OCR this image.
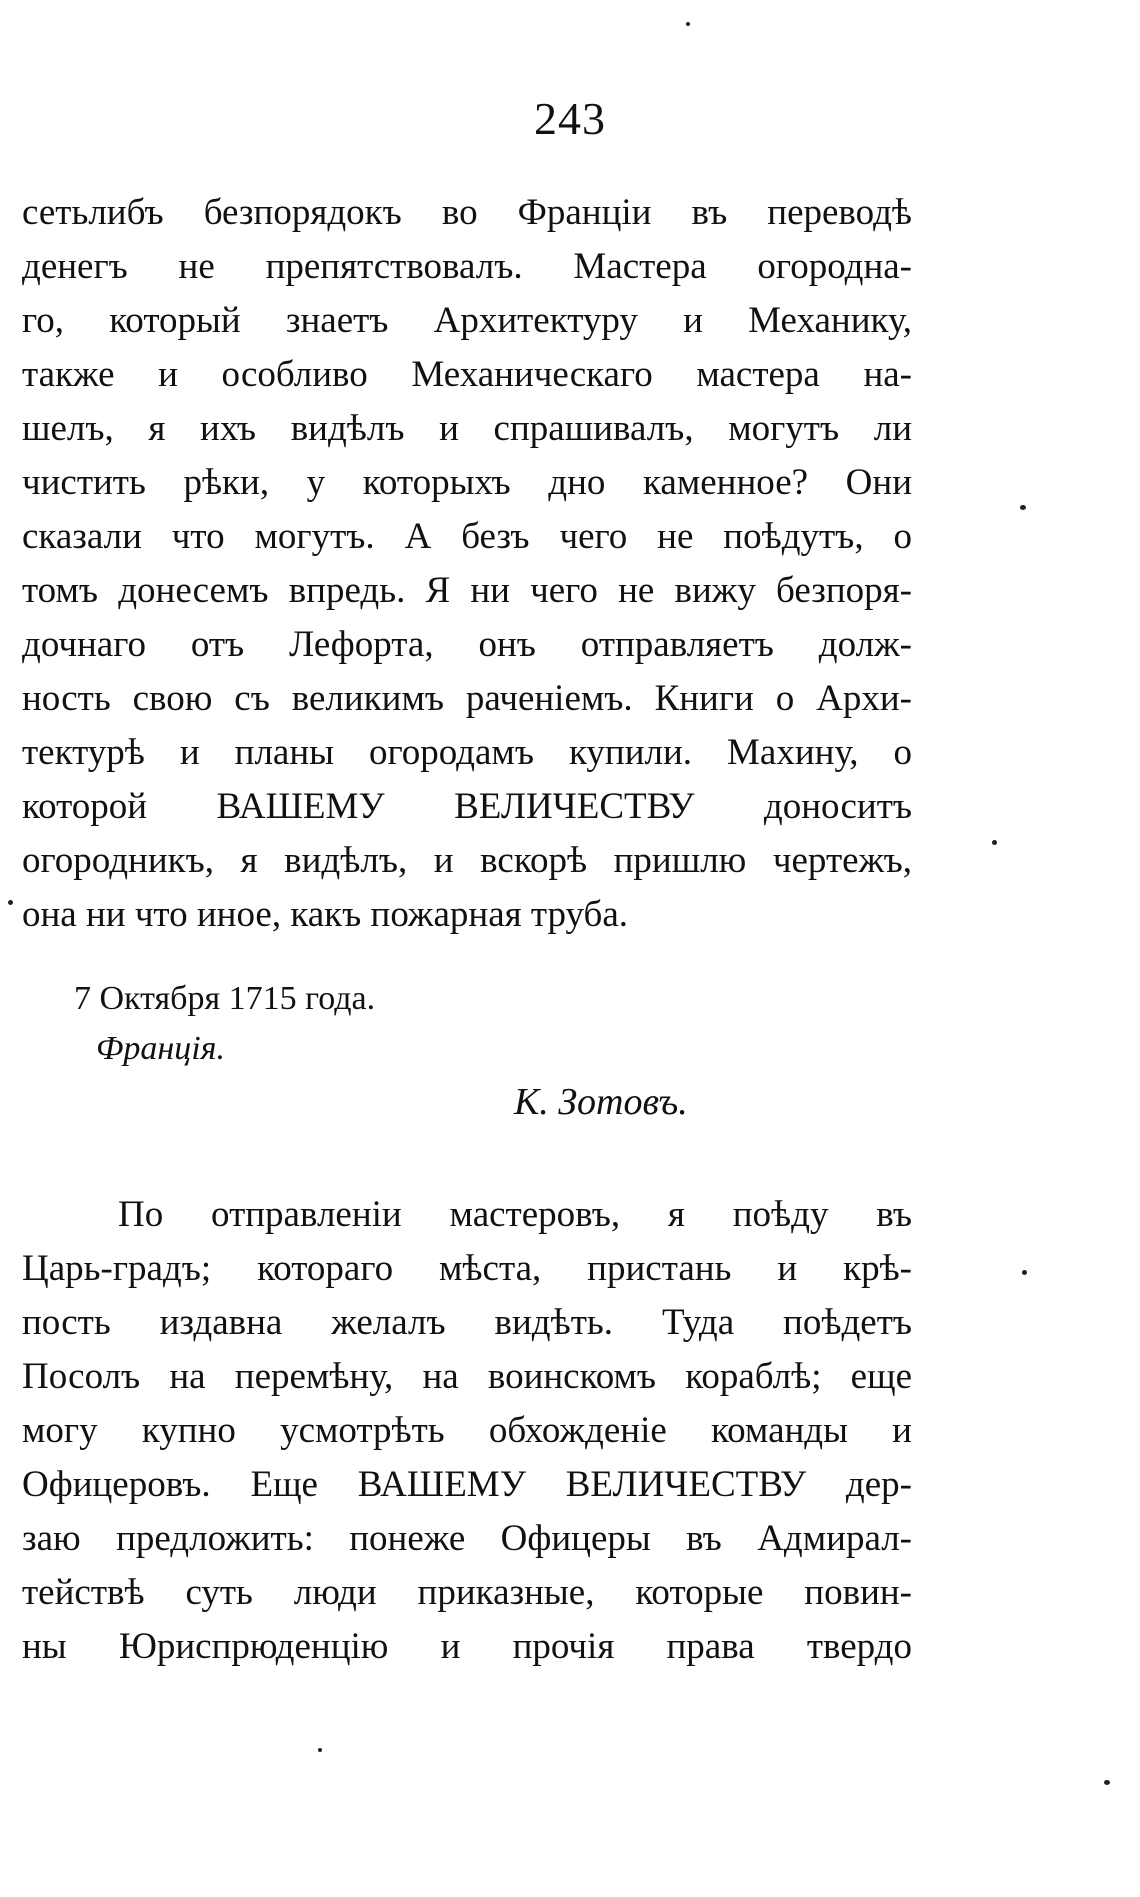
243
сетьлибъ безпорядокъ во Франціи въ переводѣ
денегъ не препятствовалъ. Мастера огородна-
го, который знаетъ Архитектуру и Механику,
также и особливо Механическаго мастера на-
шелъ, я ихъ видѣлъ и спрашивалъ, могутъ ли
чистить рѣки, у которыхъ дно каменное? Они
сказали что могутъ. А безъ чего не поѣдутъ, о
томъ донесемъ впредь. Я ни чего не вижу безпоря-
дочнаго отъ Лефорта, онъ отправляетъ долж-
ность свою съ великимъ раченіемъ. Книги о Архи-
тектурѣ и планы огородамъ купили. Махину, о
которой ВАШЕМУ ВЕЛИЧЕСТВУ доноситъ
огородникъ, я видѣлъ, и вскорѣ пришлю чертежъ,
она ни что иное, какъ пожарная труба.
7 Октября 1715 года.
Франція.
К. Зотовъ.
По отправленіи мастеровъ, я поѣду въ
Царь-градъ; котораго мѣста, пристань и крѣ-
пость издавна желалъ видѣть. Туда поѣдетъ
Посолъ на перемѣну, на воинскомъ кораблѣ; еще
могу купно усмотрѣть обхожденіе команды и
Офицеровъ. Еще ВАШЕМУ ВЕЛИЧЕСТВУ дер-
заю предложить: понеже Офицеры въ Адмирал-
тействѣ суть люди приказные, которые повин-
ны Юриспрюденцію и прочія права твердо
